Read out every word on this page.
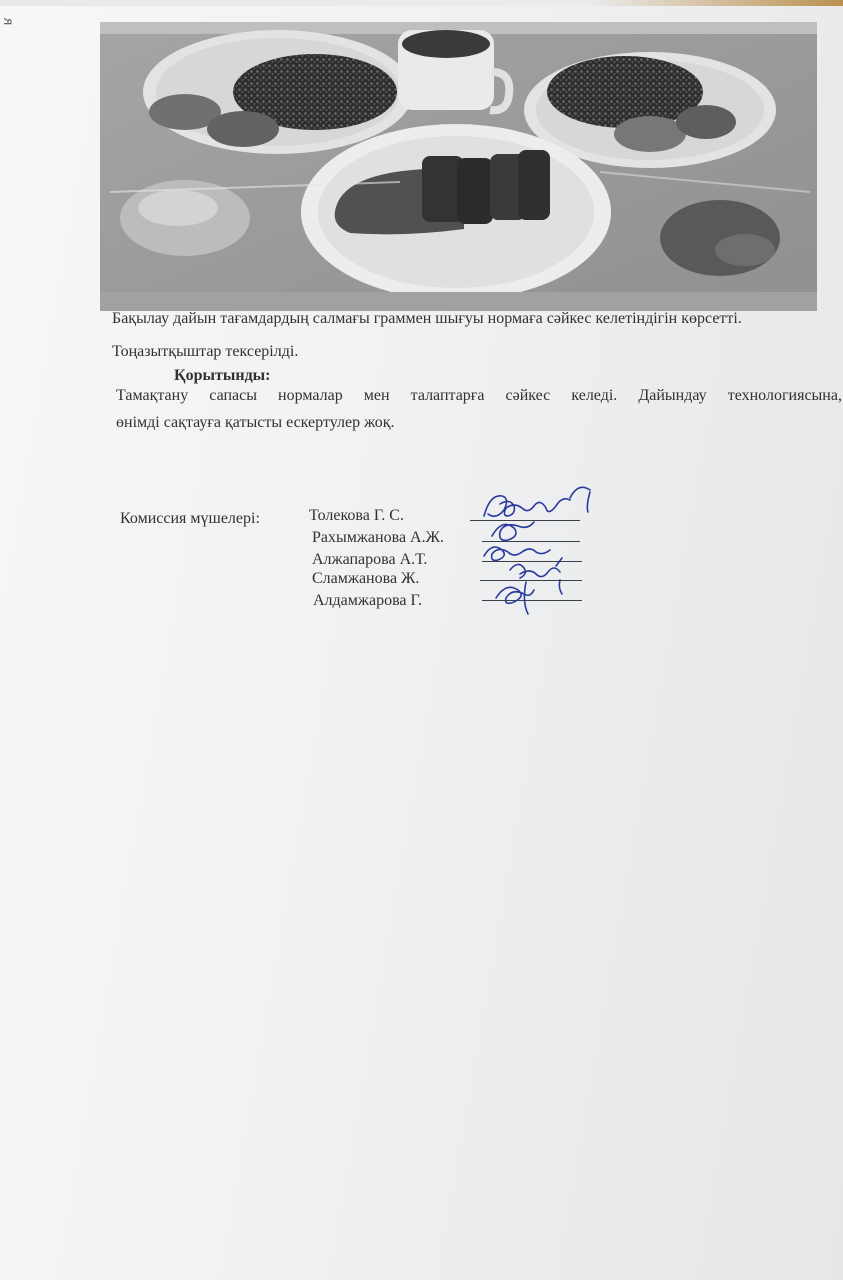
ʁ
Бақылау дайын тағамдардың салмағы граммен шығуы нормаға сәйкес келетіндігін көрсетті.
Тоңазытқыштар тексерілді.
Қорытынды:
Тамақтану сапасы нормалар мен талаптарға сәйкес келеді. Дайындау технологиясына,
өнімді сақтауға қатысты ескертулер жоқ.
Комиссия мүшелері:	Толекова Г. С.
Рахымжанова А.Ж.
Алжапарова А.Т.
Сламжанова Ж.
Алдамжарова Г.
